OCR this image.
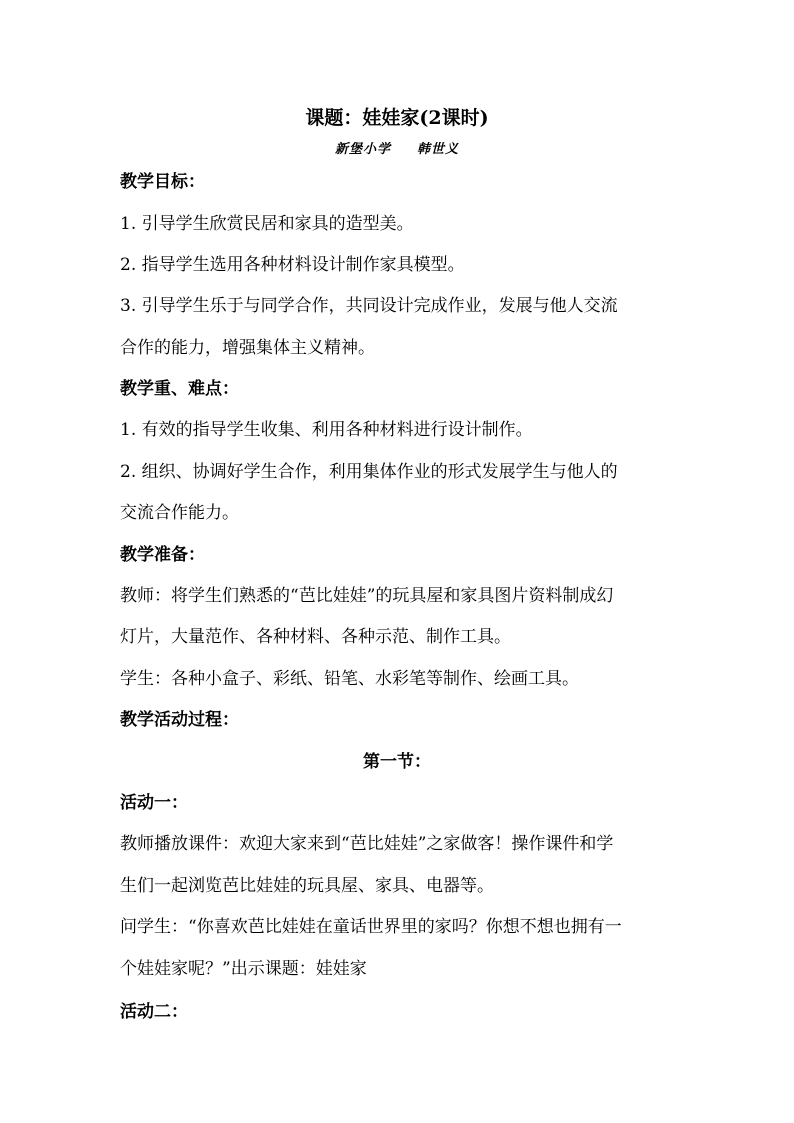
课题：娃娃家(2课时)
新堡小学 韩世义
教学目标：
1. 引导学生欣赏民居和家具的造型美。
2. 指导学生选用各种材料设计制作家具模型。
3. 引导学生乐于与同学合作，共同设计完成作业，发展与他人交流
合作的能力，增强集体主义精神。
教学重、难点：
1. 有效的指导学生收集、利用各种材料进行设计制作。
2. 组织、协调好学生合作，利用集体作业的形式发展学生与他人的
交流合作能力。
教学准备：
教师：将学生们熟悉的“芭比娃娃”的玩具屋和家具图片资料制成幻
灯片，大量范作、各种材料、各种示范、制作工具。
学生：各种小盒子、彩纸、铅笔、水彩笔等制作、绘画工具。
教学活动过程：
第一节：
活动一：
教师播放课件：欢迎大家来到“芭比娃娃”之家做客！操作课件和学
生们一起浏览芭比娃娃的玩具屋、家具、电器等。
问学生：“你喜欢芭比娃娃在童话世界里的家吗？你想不想也拥有一
个娃娃家呢？”出示课题：娃娃家
活动二：
